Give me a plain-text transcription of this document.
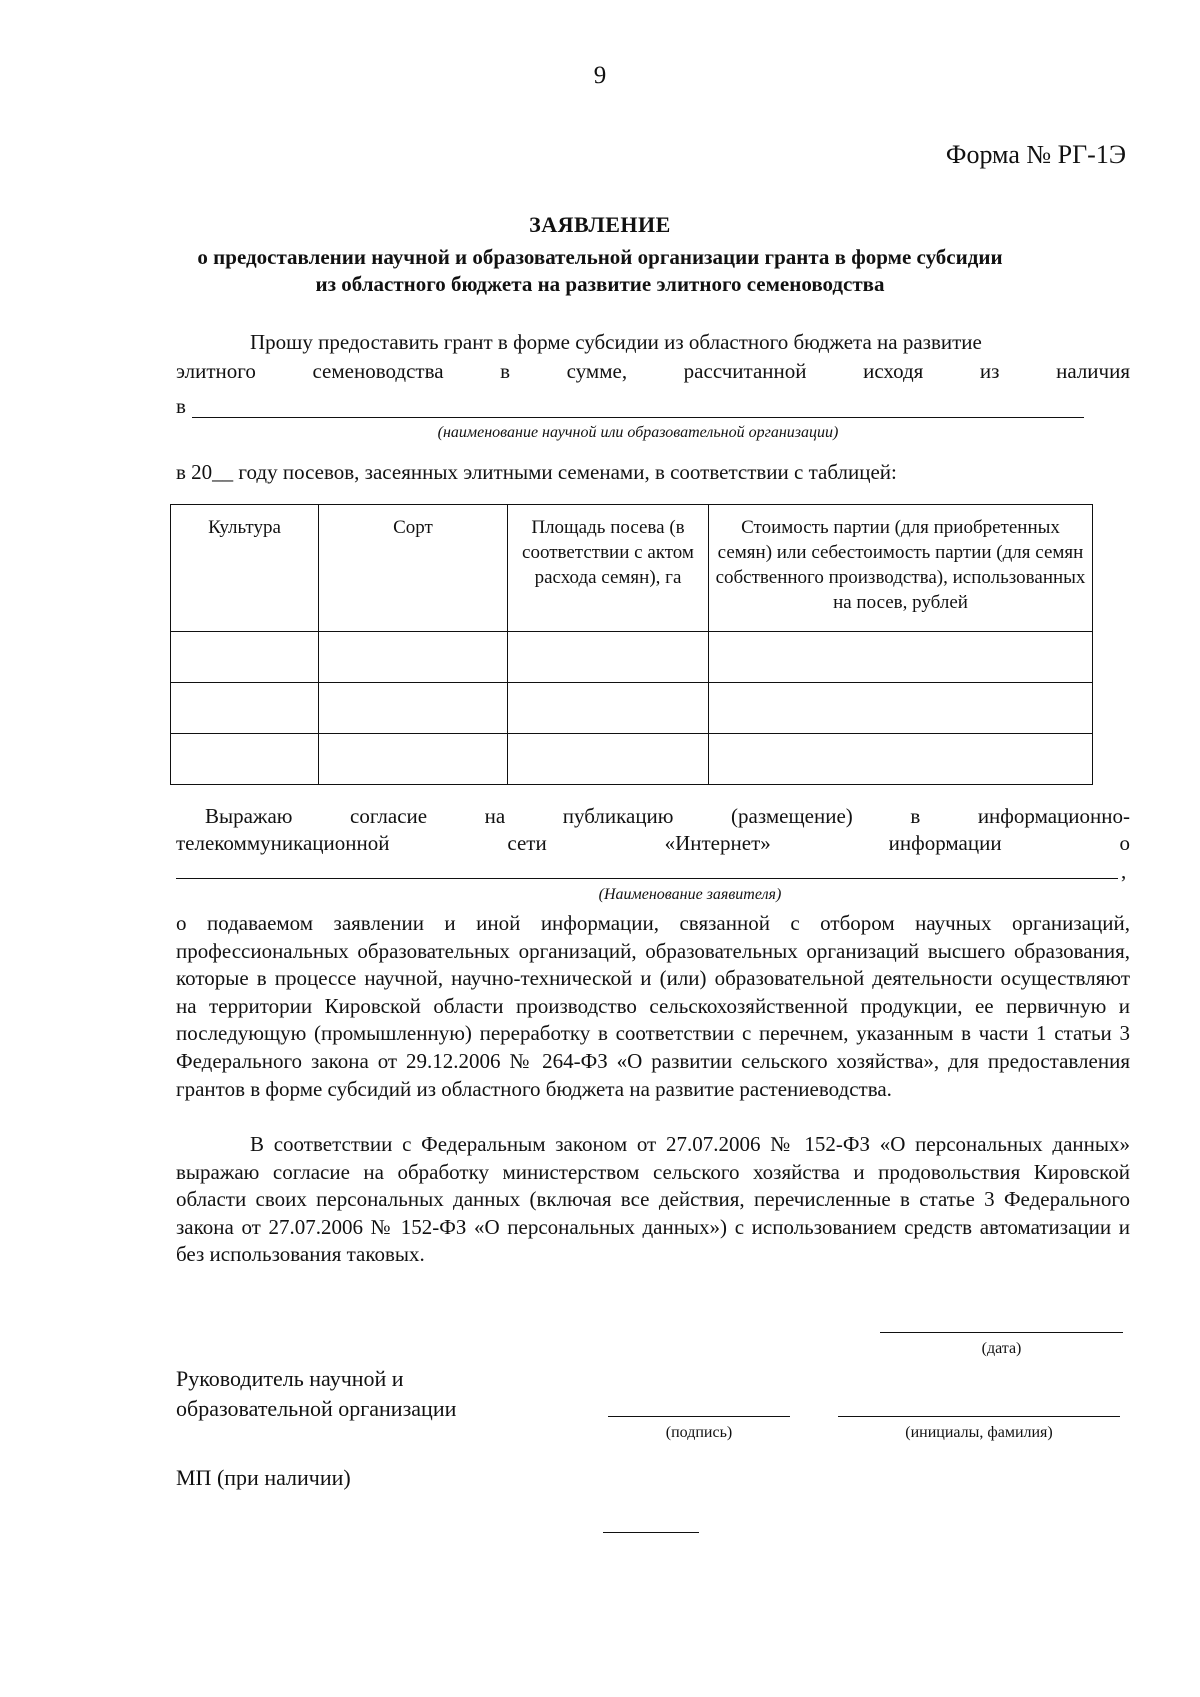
9
Форма № РГ-1Э
ЗАЯВЛЕНИЕ
о предоставлении научной и образовательной организации гранта в форме субсидии
из областного бюджета на развитие элитного семеноводства
Прошу предоставить грант в форме субсидии из областного бюджета на развитие
элитного семеноводства в сумме, рассчитанной исходя из наличия
в
(наименование научной или образовательной организации)
в 20__ году посевов, засеянных элитными семенами, в соответствии с таблицей:
Культура	Сорт	Площадь посева (в соответствии с актом расхода семян), га	Стоимость партии (для приобретенных семян) или себестоимость партии (для семян собственного производства), использованных на посев, рублей

Выражаю согласие на публикацию (размещение) в информационно-
телекоммуникационной сети «Интернет» информации о
,
(Наименование заявителя)
о подаваемом заявлении и иной информации, связанной с отбором научных организаций, профессиональных образовательных организаций, образовательных организаций высшего образования, которые в процессе научной, научно-технической и (или) образовательной деятельности осуществляют на территории Кировской области производство сельскохозяйственной продукции, ее первичную и последующую (промышленную) переработку в соответствии с перечнем, указанным в части 1 статьи 3 Федерального закона от 29.12.2006 № 264-ФЗ «О развитии сельского хозяйства», для предоставления грантов в форме субсидий из областного бюджета на развитие растениеводства.
В соответствии с Федеральным законом от 27.07.2006 № 152-ФЗ «О персональных данных» выражаю согласие на обработку министерством сельского хозяйства и продовольствия Кировской области своих персональных данных (включая все действия, перечисленные в статье 3 Федерального закона от 27.07.2006 № 152-ФЗ «О персональных данных») с использованием средств автоматизации и без использования таковых.
(дата)
Руководитель научной и
образовательной организации
(подпись)	(инициалы, фамилия)
МП (при наличии)
